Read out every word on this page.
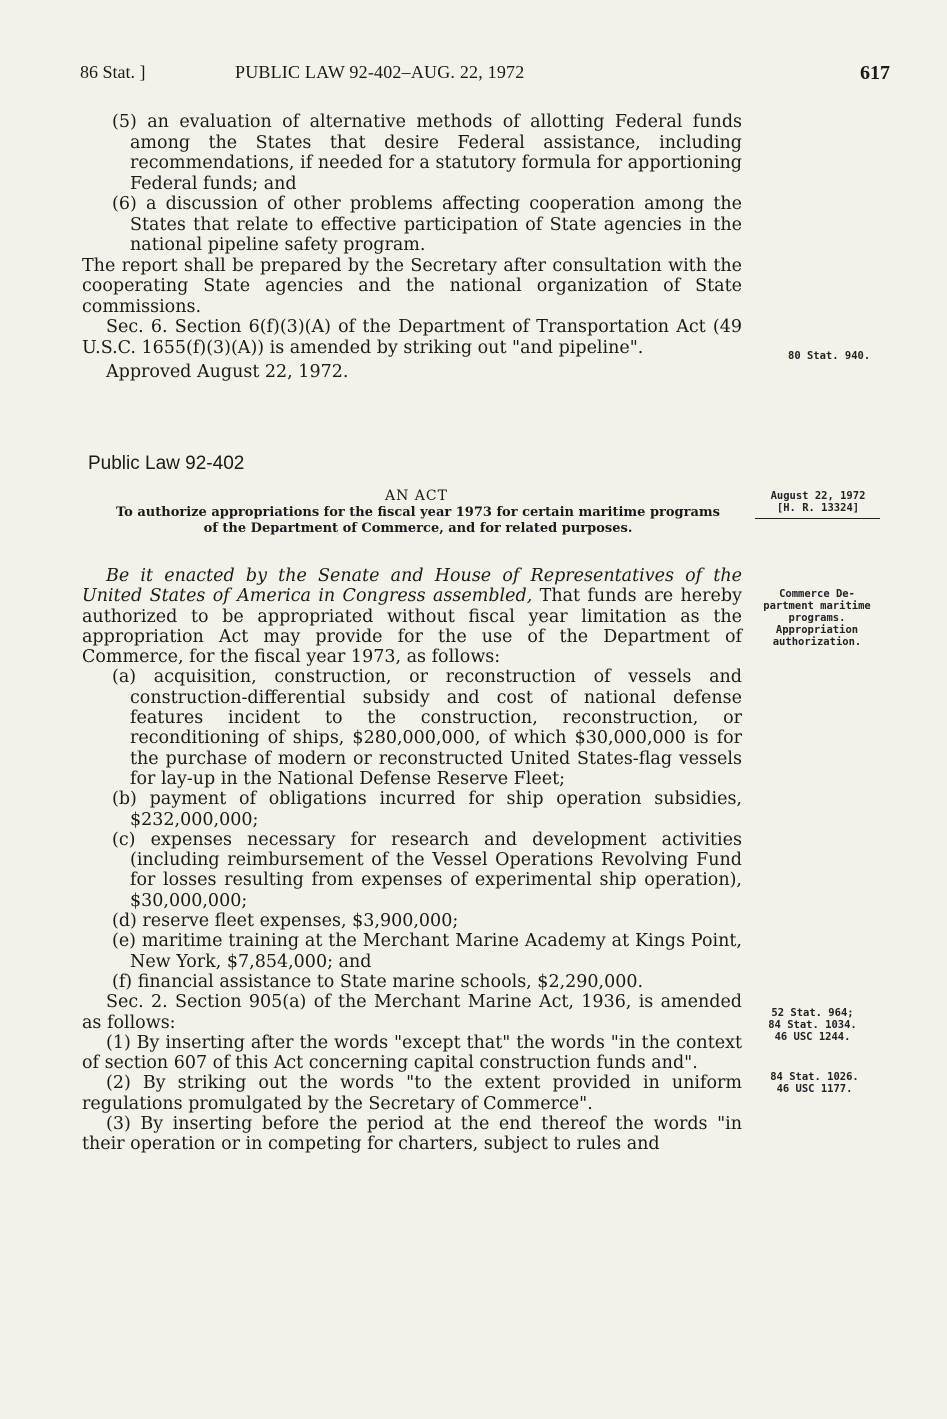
86 Stat. ]	PUBLIC LAW 92-402–AUG. 22, 1972	617

(5) an evaluation of alternative methods of allotting Federal funds among the States that desire Federal assistance, including recommendations, if needed for a statutory formula for apportioning Federal funds; and

(6) a discussion of other problems affecting cooperation among the States that relate to effective participation of State agencies in the national pipeline safety program.

The report shall be prepared by the Secretary after consultation with the cooperating State agencies and the national organization of State commissions.

Sec. 6. Section 6(f)(3)(A) of the Department of Transportation Act (49 U.S.C. 1655(f)(3)(A)) is amended by striking out "and pipeline".

Approved August 22, 1972.

Public Law 92-402
AN ACT
To authorize appropriations for the fiscal year 1973 for certain maritime programs of the Department of Commerce, and for related purposes.

Be it enacted by the Senate and House of Representatives of the United States of America in Congress assembled, That funds are hereby authorized to be appropriated without fiscal year limitation as the appropriation Act may provide for the use of the Department of Commerce, for the fiscal year 1973, as follows:

(a) acquisition, construction, or reconstruction of vessels and construction-differential subsidy and cost of national defense features incident to the construction, reconstruction, or reconditioning of ships, $280,000,000, of which $30,000,000 is for the purchase of modern or reconstructed United States-flag vessels for lay-up in the National Defense Reserve Fleet;

(b) payment of obligations incurred for ship operation subsidies, $232,000,000;

(c) expenses necessary for research and development activities (including reimbursement of the Vessel Operations Revolving Fund for losses resulting from expenses of experimental ship operation), $30,000,000;

(d) reserve fleet expenses, $3,900,000;

(e) maritime training at the Merchant Marine Academy at Kings Point, New York, $7,854,000; and

(f) financial assistance to State marine schools, $2,290,000.

Sec. 2. Section 905(a) of the Merchant Marine Act, 1936, is amended as follows:

(1) By inserting after the words "except that" the words "in the context of section 607 of this Act concerning capital construction funds and".

(2) By striking out the words "to the extent provided in uniform regulations promulgated by the Secretary of Commerce".

(3) By inserting before the period at the end thereof the words "in their operation or in competing for charters, subject to rules and

80 Stat. 940.
August 22, 1972
[H. R. 13324]
Commerce De-
partment maritime
programs.
Appropriation
authorization.
52 Stat. 964;
84 Stat. 1034.
46 USC 1244.
84 Stat. 1026.
46 USC 1177.
